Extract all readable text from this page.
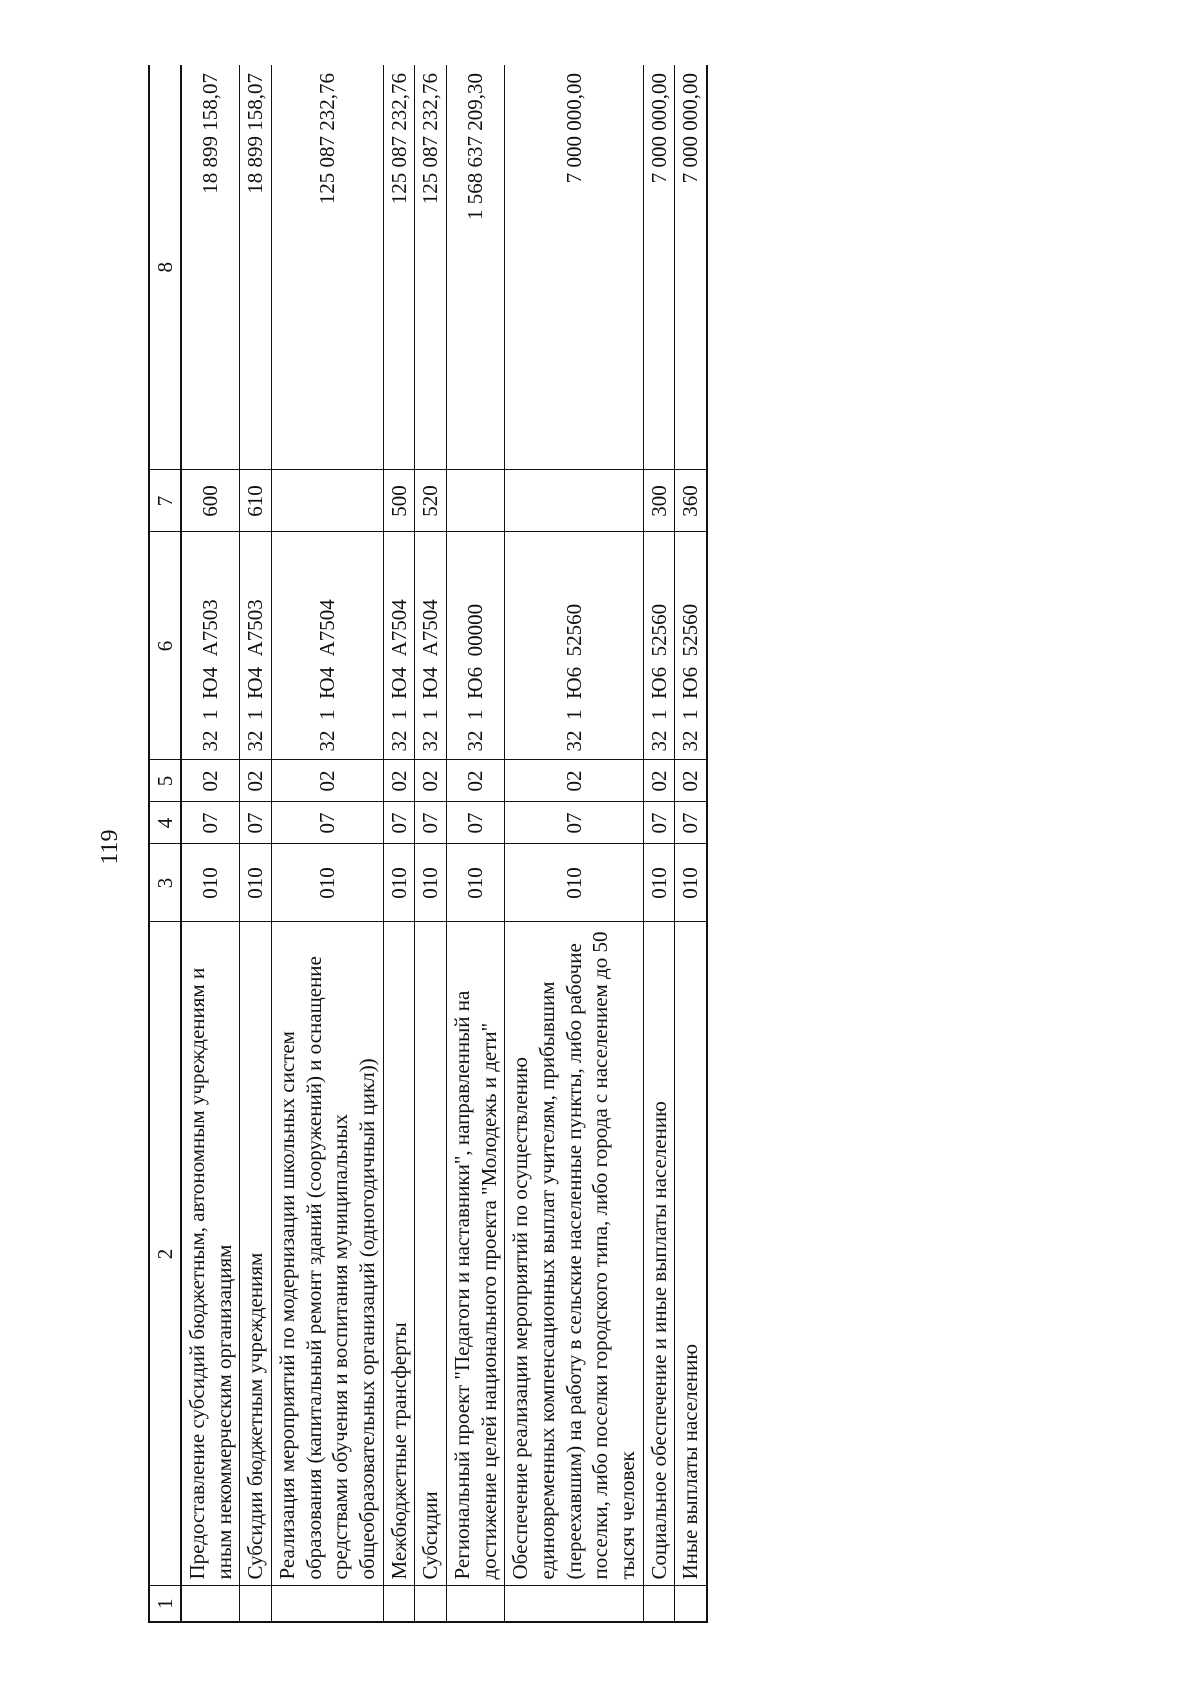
119
1	2	3	4	5	6	7	8
	Предоставление субсидий бюджетным, автономным учреждениям и иным некоммерческим организациям	010	07	02	32  1  Ю4  А7503	600	18 899 158,07
	Субсидии бюджетным учреждениям	010	07	02	32  1  Ю4  А7503	610	18 899 158,07
	Реализация мероприятий по модернизации школьных систем образования (капитальный ремонт зданий (сооружений) и оснащение средствами обучения и воспитания муниципальных общеобразовательных организаций (одногодичный цикл))	010	07	02	32  1  Ю4  А7504		125 087 232,76
	Межбюджетные трансферты	010	07	02	32  1  Ю4  А7504	500	125 087 232,76
	Субсидии	010	07	02	32  1  Ю4  А7504	520	125 087 232,76
	Региональный проект "Педагоги и наставники", направленный на достижение целей национального проекта "Молодежь и дети"	010	07	02	32  1  Ю6  00000		1 568 637 209,30
	Обеспечение реализации мероприятий по осуществлению единовременных компенсационных выплат учителям, прибывшим (переехавшим) на работу в сельские населенные пункты, либо рабочие поселки, либо поселки городского типа, либо города с населением до 50 тысяч человек	010	07	02	32  1  Ю6  52560		7 000 000,00
	Социальное обеспечение и иные выплаты населению	010	07	02	32  1  Ю6  52560	300	7 000 000,00
	Иные выплаты населению	010	07	02	32  1  Ю6  52560	360	7 000 000,00
